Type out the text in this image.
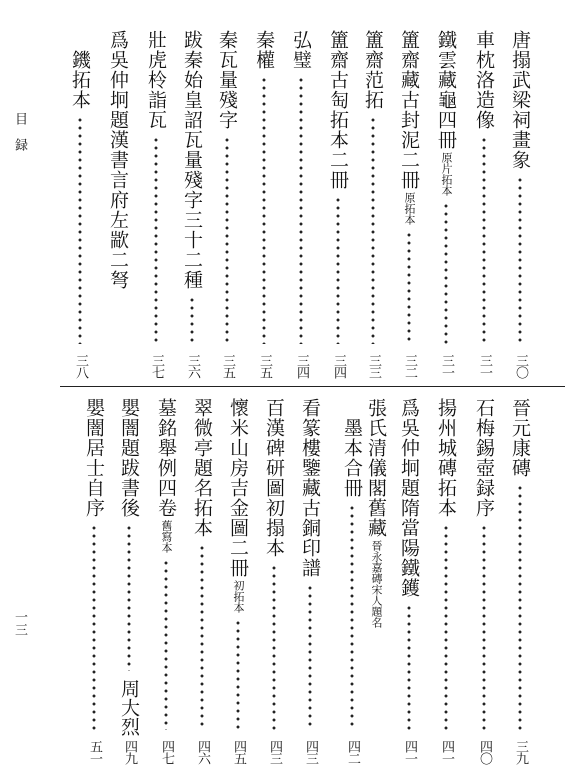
目　録
一三
唐搨武梁祠畫象
三〇
車枕洛造像
三一
鐵雲藏龜四冊
原片拓本
三一
簠齋藏古封泥二冊
原拓本
三二
簠齋范拓
三三
簠齋古匋拓本二冊
三四
弘璧
三四
秦權
三五
秦瓦量殘字
三五
跋秦始皇詔瓦量殘字三十二種
三六
壯虎柃詣瓦
三七
爲吳仲坰題漢書言府左歂二弩
鐖拓本
三八
晉元康磚
三九
石梅錫壺録序
四〇
揚州城磚拓本
四一
爲吳仲坰題隋當陽鐵鑊
四一
張氏清儀閣舊藏
晉永嘉磚宋人題名
墨本合冊
四二
看篆樓鑒藏古銅印譜
四三
百漢碑研圖初搨本
四三
懷米山房吉金圖二冊
初拓本
四五
翠微亭題名拓本
四六
墓銘舉例四卷
舊寫本
四七
嬰闇題跋書後
周大烈
四九
嬰闇居士自序
五一
